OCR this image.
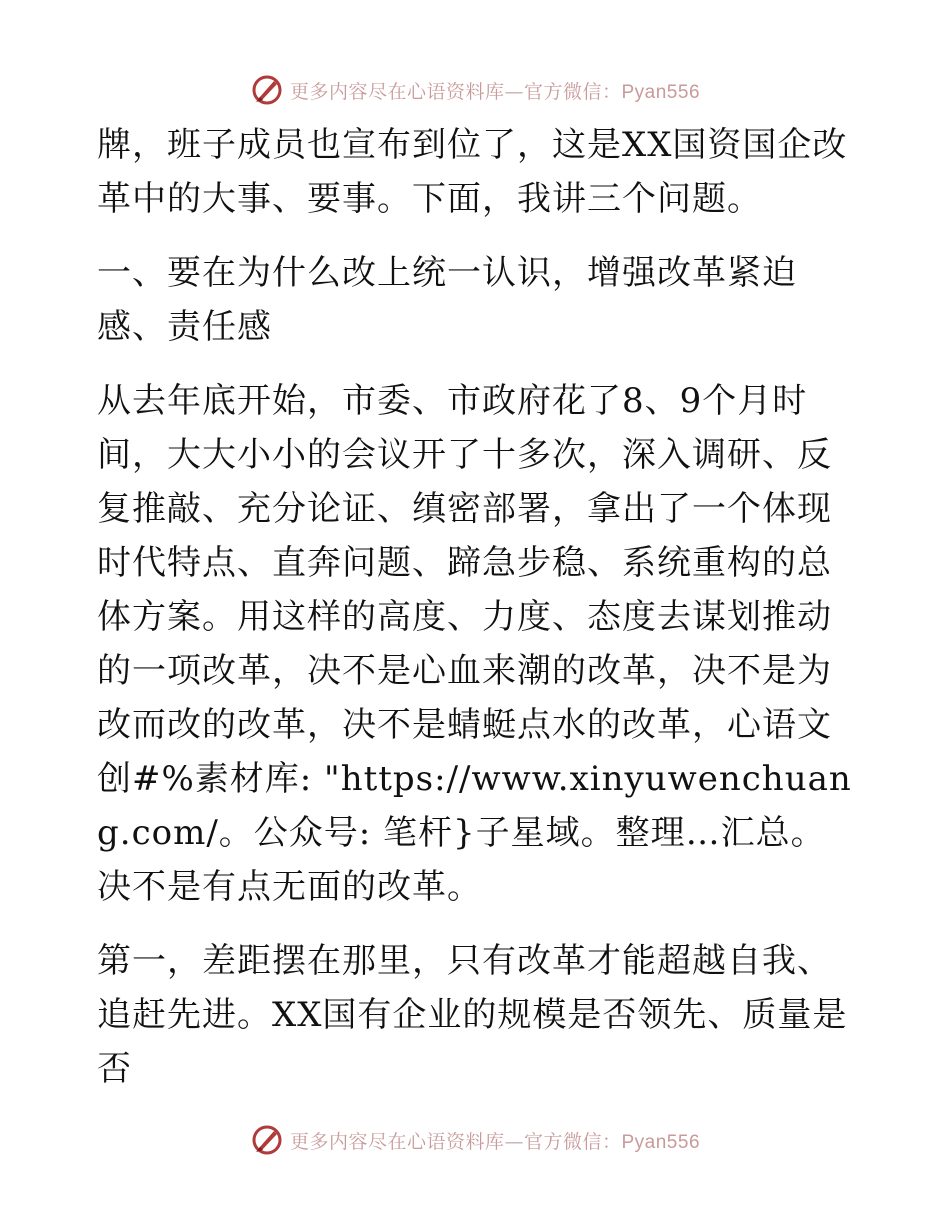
更多内容尽在心语资料库—官方微信：Pyan556

牌，班子成员也宣布到位了，这是XX国资国企改革中的大事、要事。下面，我讲三个问题。

一、要在为什么改上统一认识，增强改革紧迫感、责任感

从去年底开始，市委、市政府花了8、9个月时间，大大小小的会议开了十多次，深入调研、反复推敲、充分论证、缜密部署，拿出了一个体现时代特点、直奔问题、蹄急步稳、系统重构的总体方案。用这样的高度、力度、态度去谋划推动的一项改革，决不是心血来潮的改革，决不是为改而改的改革，决不是蜻蜓点水的改革，心语文创#%素材库: "https://www.xinyuwenchuang.com/。公众号: 笔杆}子星域。整理…汇总。决不是有点无面的改革。

第一，差距摆在那里，只有改革才能超越自我、追赶先进。XX国有企业的规模是否领先、质量是否

更多内容尽在心语资料库—官方微信：Pyan556
